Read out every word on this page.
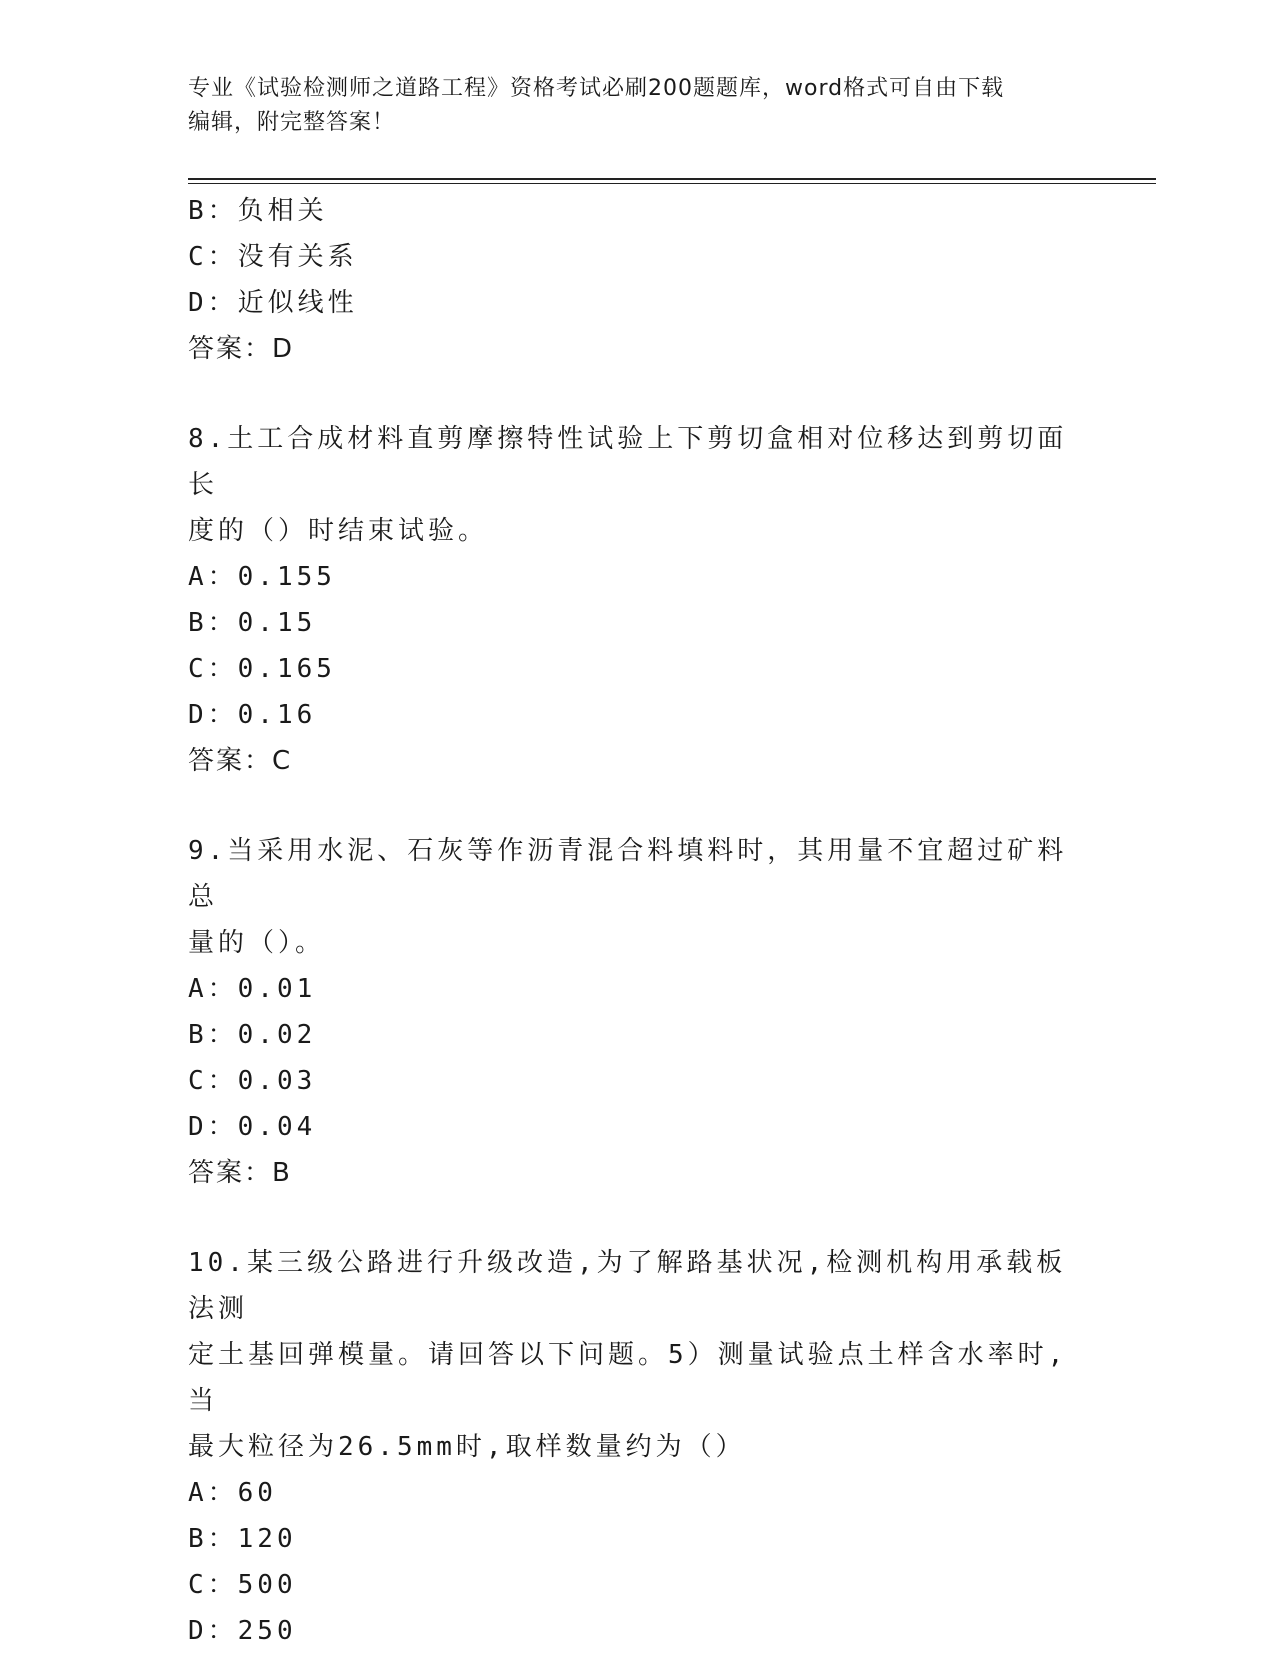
专业《试验检测师之道路工程》资格考试必刷200题题库，word格式可自由下载
编辑，附完整答案！
B：负相关
C：没有关系
D：近似线性
答案：D
8.土工合成材料直剪摩擦特性试验上下剪切盒相对位移达到剪切面长
度的（）时结束试验。
A：0.155
B：0.15
C：0.165
D：0.16
答案：C
9.当采用水泥、石灰等作沥青混合料填料时，其用量不宜超过矿料总
量的（）。
A：0.01
B：0.02
C：0.03
D：0.04
答案：B
10.某三级公路进行升级改造,为了解路基状况,检测机构用承载板法测
定土基回弹模量。请回答以下问题。5）测量试验点土样含水率时,当
最大粒径为26.5mm时,取样数量约为（）
A：60
B：120
C：500
D：250
